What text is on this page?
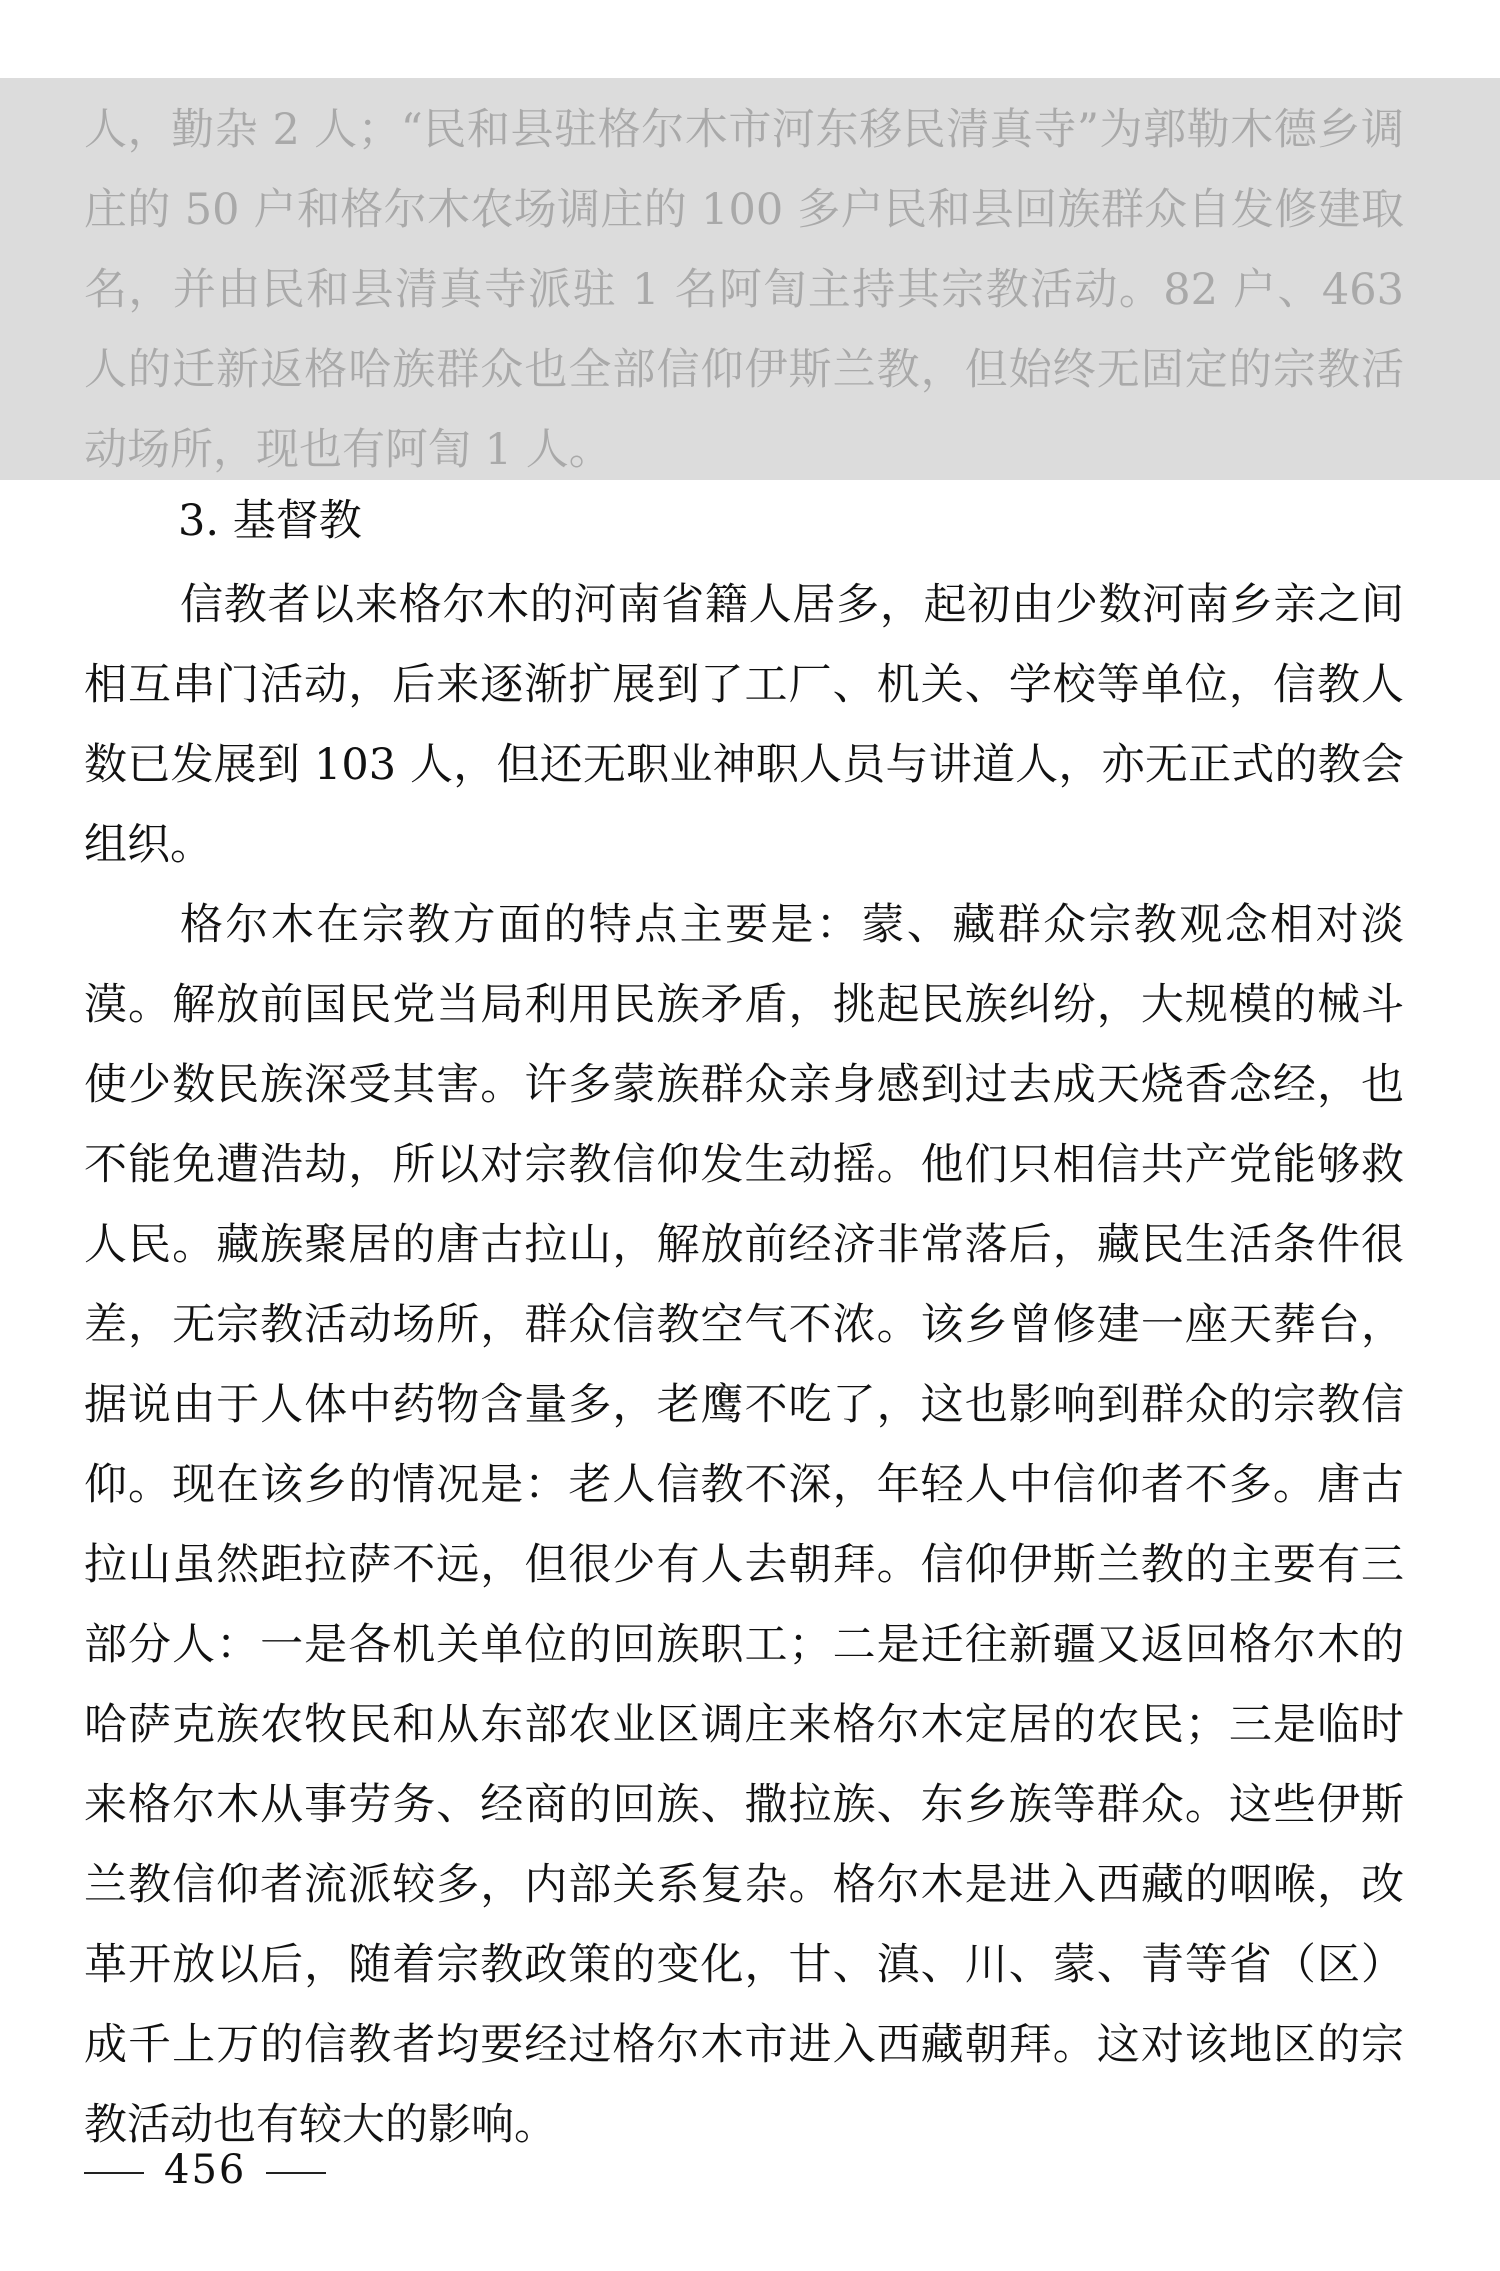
人，勤杂 2 人；“民和县驻格尔木市河东移民清真寺”为郭勒木德乡调庄的 50 户和格尔木农场调庄的 100 多户民和县回族群众自发修建取名，并由民和县清真寺派驻 1 名阿訇主持其宗教活动。82 户、463 人的迁新返格哈族群众也全部信仰伊斯兰教，但始终无固定的宗教活动场所，现也有阿訇 1 人。

3. 基督教

信教者以来格尔木的河南省籍人居多，起初由少数河南乡亲之间相互串门活动，后来逐渐扩展到了工厂、机关、学校等单位，信教人数已发展到 103 人，但还无职业神职人员与讲道人，亦无正式的教会组织。

格尔木在宗教方面的特点主要是：蒙、藏群众宗教观念相对淡漠。解放前国民党当局利用民族矛盾，挑起民族纠纷，大规模的械斗使少数民族深受其害。许多蒙族群众亲身感到过去成天烧香念经，也不能免遭浩劫，所以对宗教信仰发生动摇。他们只相信共产党能够救人民。藏族聚居的唐古拉山，解放前经济非常落后，藏民生活条件很差，无宗教活动场所，群众信教空气不浓。该乡曾修建一座天葬台，据说由于人体中药物含量多，老鹰不吃了，这也影响到群众的宗教信仰。现在该乡的情况是：老人信教不深，年轻人中信仰者不多。唐古拉山虽然距拉萨不远，但很少有人去朝拜。信仰伊斯兰教的主要有三部分人：一是各机关单位的回族职工；二是迁往新疆又返回格尔木的哈萨克族农牧民和从东部农业区调庄来格尔木定居的农民；三是临时来格尔木从事劳务、经商的回族、撒拉族、东乡族等群众。这些伊斯兰教信仰者流派较多，内部关系复杂。格尔木是进入西藏的咽喉，改革开放以后，随着宗教政策的变化，甘、滇、川、蒙、青等省（区）成千上万的信教者均要经过格尔木市进入西藏朝拜。这对该地区的宗教活动也有较大的影响。

456
